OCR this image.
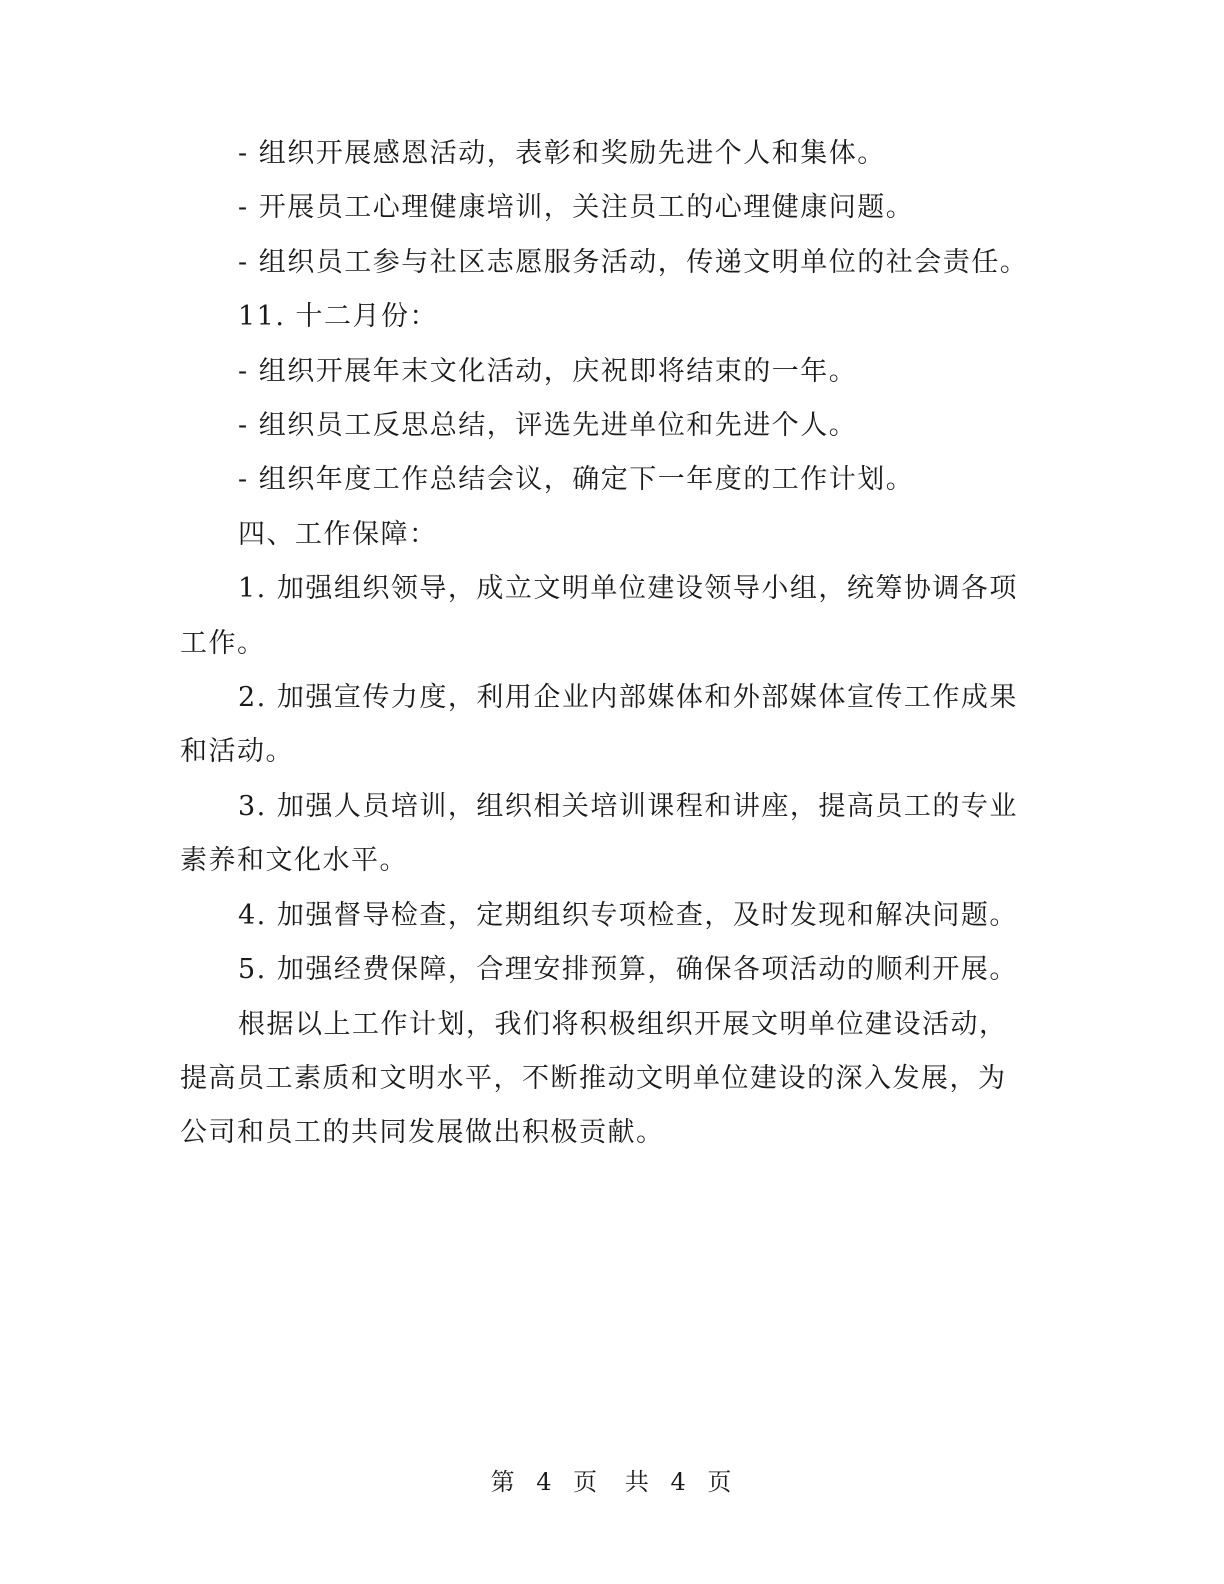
- 组织开展感恩活动，表彰和奖励先进个人和集体。

- 开展员工心理健康培训，关注员工的心理健康问题。

- 组织员工参与社区志愿服务活动，传递文明单位的社会责任。

11. 十二月份：

- 组织开展年末文化活动，庆祝即将结束的一年。

- 组织员工反思总结，评选先进单位和先进个人。

- 组织年度工作总结会议，确定下一年度的工作计划。

四、工作保障：

1. 加强组织领导，成立文明单位建设领导小组，统筹协调各项工作。

2. 加强宣传力度，利用企业内部媒体和外部媒体宣传工作成果和活动。

3. 加强人员培训，组织相关培训课程和讲座，提高员工的专业素养和文化水平。

4. 加强督导检查，定期组织专项检查，及时发现和解决问题。

5. 加强经费保障，合理安排预算，确保各项活动的顺利开展。

根据以上工作计划，我们将积极组织开展文明单位建设活动，提高员工素质和文明水平，不断推动文明单位建设的深入发展，为公司和员工的共同发展做出积极贡献。

第 4 页 共 4 页
